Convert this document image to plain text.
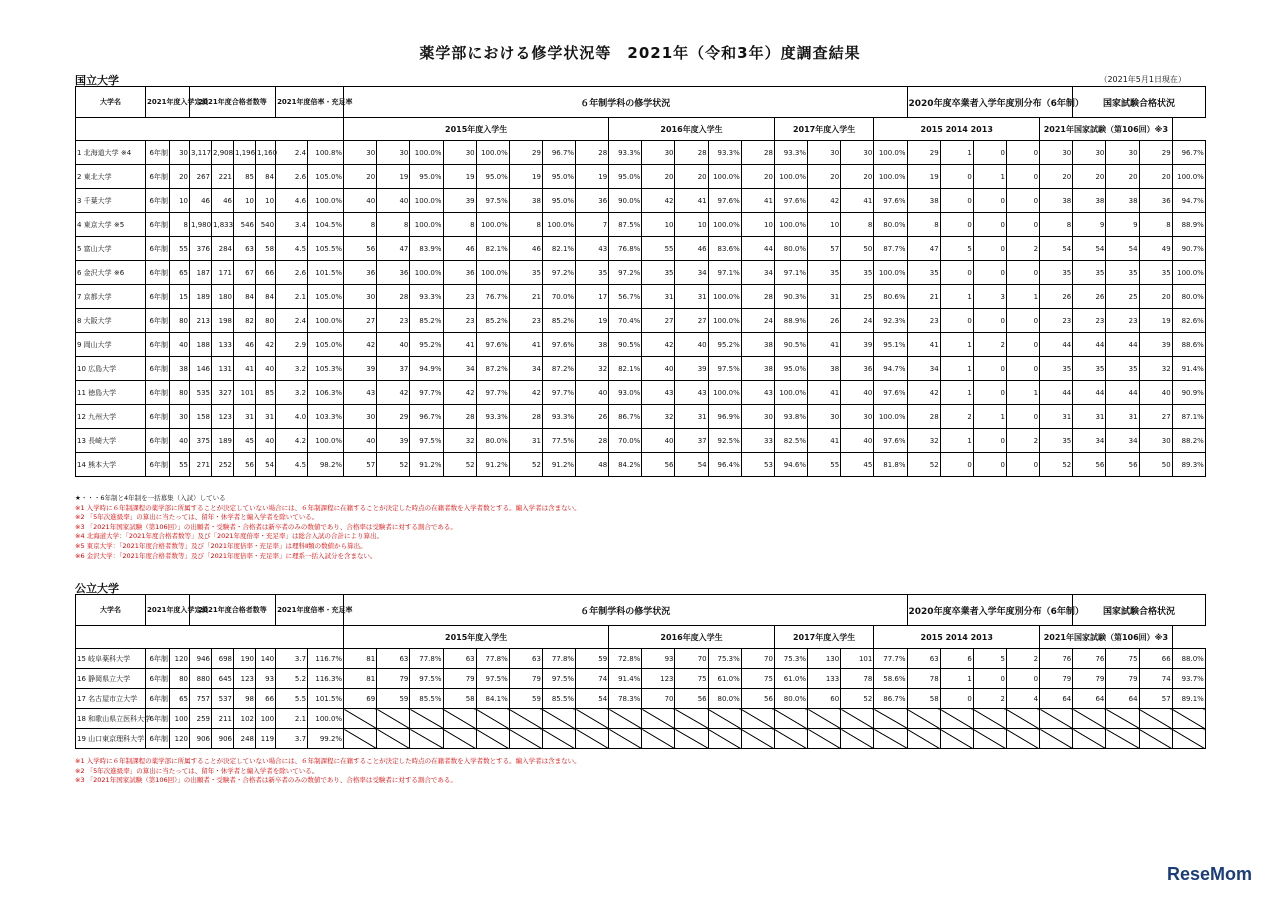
薬学部における修学状況等　2021年（令和3年）度調査結果
国立大学	（2021年5月1日現在）
大学名	2021年度入学定員		2021年度合格者数等				2021年度倍率・充足率		６年制学科の修学状況																	2020年度卒業者入学年度別分布（6年制）					国家試験合格状況			
									2015年度入学生								2016年度入学生					2017年度入学生			2015 2014 2013					2021年国家試験（第106回）※3				
1 北海道大学 ※4	6年制	30	3,117	2,908	1,196	1,160	2.4	100.8%	30	30	100.0%	30	100.0%	29	96.7%	28	93.3%	30	28	93.3%	28	93.3%	30	30	100.0%	29	1	0	0	30	30	30	29	96.7%
2 東北大学	6年制	20	267	221	85	84	2.6	105.0%	20	19	95.0%	19	95.0%	19	95.0%	19	95.0%	20	20	100.0%	20	100.0%	20	20	100.0%	19	0	1	0	20	20	20	20	100.0%
3 千葉大学	6年制	10	46	46	10	10	4.6	100.0%	40	40	100.0%	39	97.5%	38	95.0%	36	90.0%	42	41	97.6%	41	97.6%	42	41	97.6%	38	0	0	0	38	38	38	36	94.7%
4 東京大学 ※5	6年制	8	1,980	1,833	546	540	3.4	104.5%	8	8	100.0%	8	100.0%	8	100.0%	7	87.5%	10	10	100.0%	10	100.0%	10	8	80.0%	8	0	0	0	8	9	9	8	88.9%
5 富山大学	6年制	55	376	284	63	58	4.5	105.5%	56	47	83.9%	46	82.1%	46	82.1%	43	76.8%	55	46	83.6%	44	80.0%	57	50	87.7%	47	5	0	2	54	54	54	49	90.7%
6 金沢大学 ※6	6年制	65	187	171	67	66	2.6	101.5%	36	36	100.0%	36	100.0%	35	97.2%	35	97.2%	35	34	97.1%	34	97.1%	35	35	100.0%	35	0	0	0	35	35	35	35	100.0%
7 京都大学	6年制	15	189	180	84	84	2.1	105.0%	30	28	93.3%	23	76.7%	21	70.0%	17	56.7%	31	31	100.0%	28	90.3%	31	25	80.6%	21	1	3	1	26	26	25	20	80.0%
8 大阪大学	6年制	80	213	198	82	80	2.4	100.0%	27	23	85.2%	23	85.2%	23	85.2%	19	70.4%	27	27	100.0%	24	88.9%	26	24	92.3%	23	0	0	0	23	23	23	19	82.6%
9 岡山大学	6年制	40	188	133	46	42	2.9	105.0%	42	40	95.2%	41	97.6%	41	97.6%	38	90.5%	42	40	95.2%	38	90.5%	41	39	95.1%	41	1	2	0	44	44	44	39	88.6%
10 広島大学	6年制	38	146	131	41	40	3.2	105.3%	39	37	94.9%	34	87.2%	34	87.2%	32	82.1%	40	39	97.5%	38	95.0%	38	36	94.7%	34	1	0	0	35	35	35	32	91.4%
11 徳島大学	6年制	80	535	327	101	85	3.2	106.3%	43	42	97.7%	42	97.7%	42	97.7%	40	93.0%	43	43	100.0%	43	100.0%	41	40	97.6%	42	1	0	1	44	44	44	40	90.9%
12 九州大学	6年制	30	158	123	31	31	4.0	103.3%	30	29	96.7%	28	93.3%	28	93.3%	26	86.7%	32	31	96.9%	30	93.8%	30	30	100.0%	28	2	1	0	31	31	31	27	87.1%
13 長崎大学	6年制	40	375	189	45	40	4.2	100.0%	40	39	97.5%	32	80.0%	31	77.5%	28	70.0%	40	37	92.5%	33	82.5%	41	40	97.6%	32	1	0	2	35	34	34	30	88.2%
14 熊本大学	6年制	55	271	252	56	54	4.5	98.2%	57	52	91.2%	52	91.2%	52	91.2%	48	84.2%	56	54	96.4%	53	94.6%	55	45	81.8%	52	0	0	0	52	56	56	50	89.3%
★・・・6年制と4年制を一括募集（入試）している
※1 入学時に６年制課程の薬学部に所属することが決定していない場合には、６年制課程に在籍することが決定した時点の在籍者数を入学者数とする。編入学者は含まない。
※2 「5年次進級率」の算出に当たっては、留年・休学者と編入学者を除いている。
※3 「2021年国家試験（第106回）」の出願者・受験者・合格者は新卒者のみの数値であり、合格率は受験者に対する割合である。
※4 北海道大学：「2021年度合格者数等」及び「2021年度倍率・充足率」は総合入試の合計により算出。
※5 東京大学：「2021年度合格者数等」及び「2021年度倍率・充足率」は理科Ⅱ類の数値から算出。
※6 金沢大学：「2021年度合格者数等」及び「2021年度倍率・充足率」に理系一括入試分を含まない。
公立大学
大学名	2021年度入学定員		2021年度合格者数等				2021年度倍率・充足率		６年制学科の修学状況																	2020年度卒業者入学年度別分布（6年制）					国家試験合格状況			
									2015年度入学生								2016年度入学生					2017年度入学生			2015 2014 2013					2021年国家試験（第106回）※3				
15 岐阜薬科大学	6年制	120	946	698	190	140	3.7	116.7%	81	63	77.8%	63	77.8%	63	77.8%	59	72.8%	93	70	75.3%	70	75.3%	130	101	77.7%	63	6	5	2	76	76	75	66	88.0%
16 静岡県立大学	6年制	80	880	645	123	93	5.2	116.3%	81	79	97.5%	79	97.5%	79	97.5%	74	91.4%	123	75	61.0%	75	61.0%	133	78	58.6%	78	1	0	0	79	79	79	74	93.7%
17 名古屋市立大学	6年制	65	757	537	98	66	5.5	101.5%	69	59	85.5%	58	84.1%	59	85.5%	54	78.3%	70	56	80.0%	56	80.0%	60	52	86.7%	58	0	2	4	64	64	64	57	89.1%
18 和歌山県立医科大学	6年制	100	259	211	102	100	2.1	100.0%																										
19 山口東京理科大学	6年制	120	906	906	248	119	3.7	99.2%																										
※1 入学時に６年制課程の薬学部に所属することが決定していない場合には、６年制課程に在籍することが決定した時点の在籍者数を入学者数とする。編入学者は含まない。
※2 「5年次進級率」の算出に当たっては、留年・休学者と編入学者を除いている。
※3 「2021年国家試験（第106回）」の出願者・受験者・合格者は新卒者のみの数値であり、合格率は受験者に対する割合である。
ReseMom
